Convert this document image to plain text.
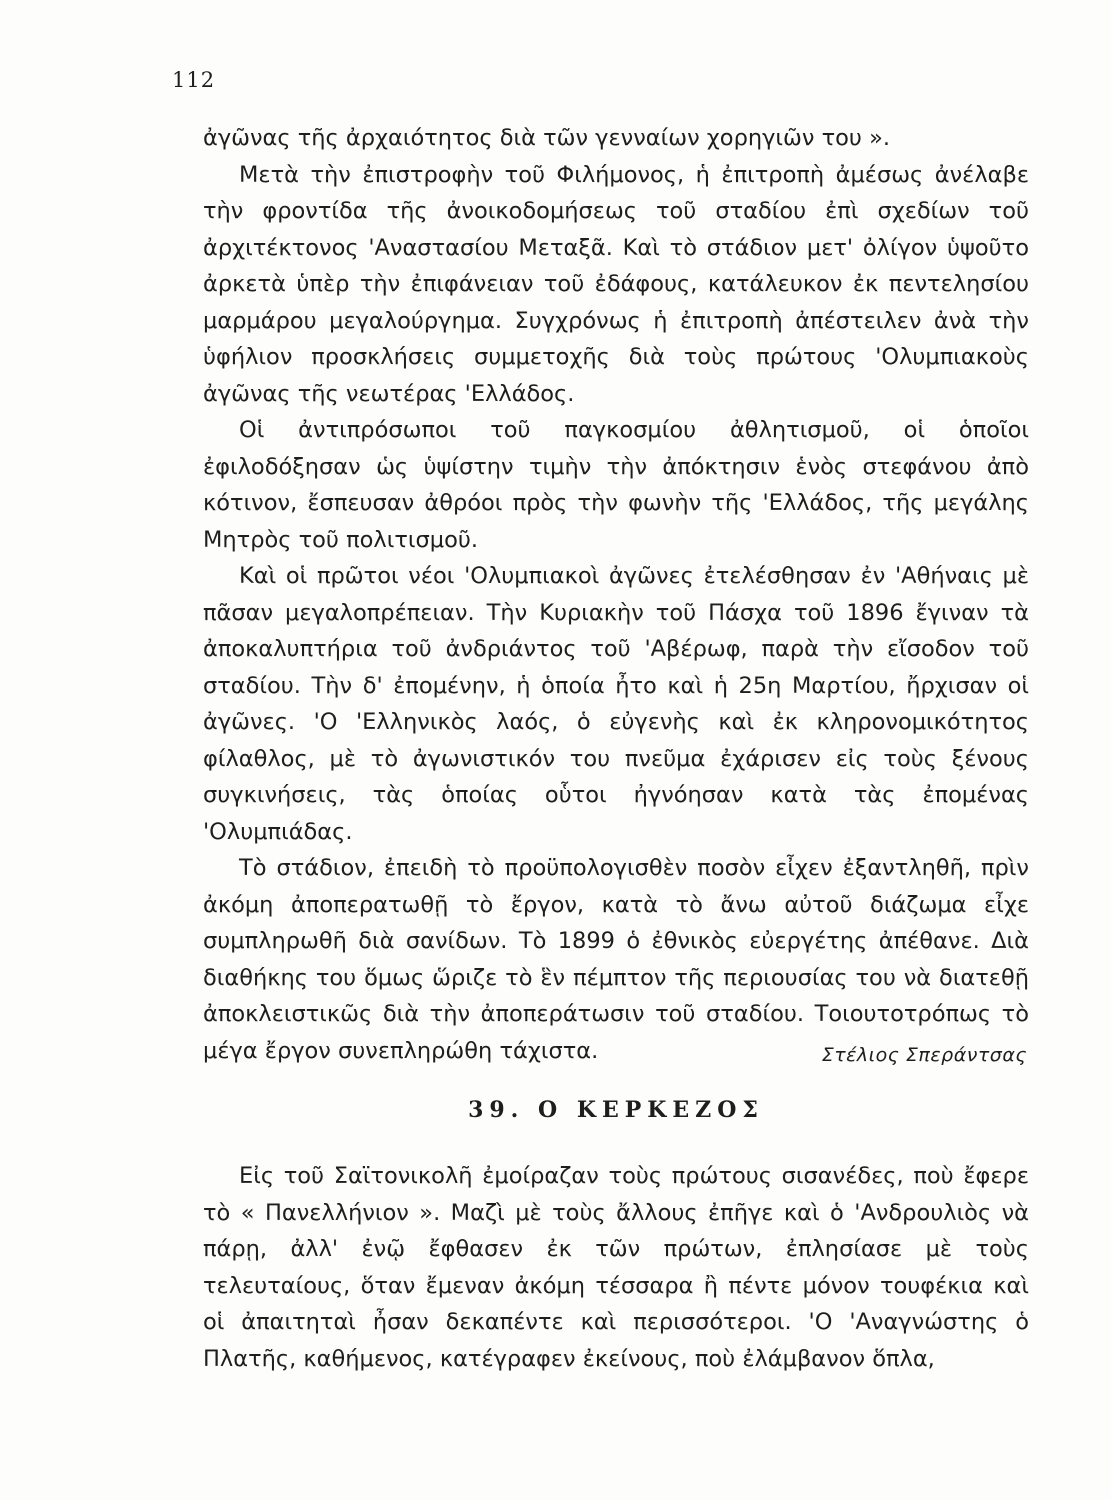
112

ἀγῶνας τῆς ἀρχαιότητος διὰ τῶν γενναίων χορηγιῶν του ».

Μετὰ τὴν ἐπιστροφὴν τοῦ Φιλήμονος, ἡ ἐπιτροπὴ ἀμέσως ἀνέλαβε τὴν φροντίδα τῆς ἀνοικοδομήσεως τοῦ σταδίου ἐπὶ σχεδίων τοῦ ἀρχιτέκτονος 'Αναστασίου Μεταξᾶ. Καὶ τὸ στάδιον μετ' ὀλίγον ὑψοῦτο ἀρκετὰ ὑπὲρ τὴν ἐπιφάνειαν τοῦ ἐδάφους, κατάλευκον ἐκ πεντελησίου μαρμάρου μεγαλούργημα. Συγχρόνως ἡ ἐπιτροπὴ ἀπέστειλεν ἀνὰ τὴν ὑφήλιον προσκλήσεις συμμετοχῆς διὰ τοὺς πρώτους 'Ολυμπιακοὺς ἀγῶνας τῆς νεωτέρας 'Ελλάδος.

Οἱ ἀντιπρόσωποι τοῦ παγκοσμίου ἀθλητισμοῦ, οἱ ὁποῖοι ἐφιλοδόξησαν ὡς ὑψίστην τιμὴν τὴν ἀπόκτησιν ἑνὸς στεφάνου ἀπὸ κότινον, ἔσπευσαν ἀθρόοι πρὸς τὴν φωνὴν τῆς 'Ελλάδος, τῆς μεγάλης Μητρὸς τοῦ πολιτισμοῦ.

Καὶ οἱ πρῶτοι νέοι 'Ολυμπιακοὶ ἀγῶνες ἐτελέσθησαν ἐν 'Αθήναις μὲ πᾶσαν μεγαλοπρέπειαν. Τὴν Κυριακὴν τοῦ Πάσχα τοῦ 1896 ἔγιναν τὰ ἀποκαλυπτήρια τοῦ ἀνδριάντος τοῦ 'Αβέρωφ, παρὰ τὴν εἴσοδον τοῦ σταδίου. Τὴν δ' ἐπομένην, ἡ ὁποία ἦτο καὶ ἡ 25η Μαρτίου, ἤρχισαν οἱ ἀγῶνες. 'Ο 'Ελληνικὸς λαός, ὁ εὐγενὴς καὶ ἐκ κληρονομικότητος φίλαθλος, μὲ τὸ ἀγωνιστικόν του πνεῦμα ἐχάρισεν εἰς τοὺς ξένους συγκινήσεις, τὰς ὁποίας οὗτοι ἠγνόησαν κατὰ τὰς ἐπομένας 'Ολυμπιάδας.

Τὸ στάδιον, ἐπειδὴ τὸ προϋπολογισθὲν ποσὸν εἶχεν ἐξαντληθῆ, πρὶν ἀκόμη ἀποπερατωθῇ τὸ ἔργον, κατὰ τὸ ἄνω αὐτοῦ διάζωμα εἶχε συμπληρωθῆ διὰ σανίδων. Τὸ 1899 ὁ ἐθνικὸς εὐεργέτης ἀπέθανε. Διὰ διαθήκης του ὅμως ὥριζε τὸ ἓν πέμπτον τῆς περιουσίας του νὰ διατεθῇ ἀποκλειστικῶς διὰ τὴν ἀποπεράτωσιν τοῦ σταδίου. Τοιουτοτρόπως τὸ μέγα ἔργον συνεπληρώθη τάχιστα.	Στέλιος Σπεράντσας
39. Ο ΚΕΡΚΕΖΟΣ

Εἰς τοῦ Σαϊτονικολῆ ἐμοίραζαν τοὺς πρώτους σισανέδες, ποὺ ἔφερε τὸ « Πανελλήνιον ». Μαζὶ μὲ τοὺς ἄλλους ἐπῆγε καὶ ὁ 'Ανδρουλιὸς νὰ πάρῃ, ἀλλ' ἐνῷ ἔφθασεν ἐκ τῶν πρώτων, ἐπλησίασε μὲ τοὺς τελευταίους, ὅταν ἔμεναν ἀκόμη τέσσαρα ἢ πέντε μόνον τουφέκια καὶ οἱ ἀπαιτηταὶ ἦσαν δεκαπέντε καὶ περισσότεροι. 'Ο 'Αναγνώστης ὁ Πλατῆς, καθήμενος, κατέγραφεν ἐκείνους, ποὺ ἐλάμβανον ὅπλα,
